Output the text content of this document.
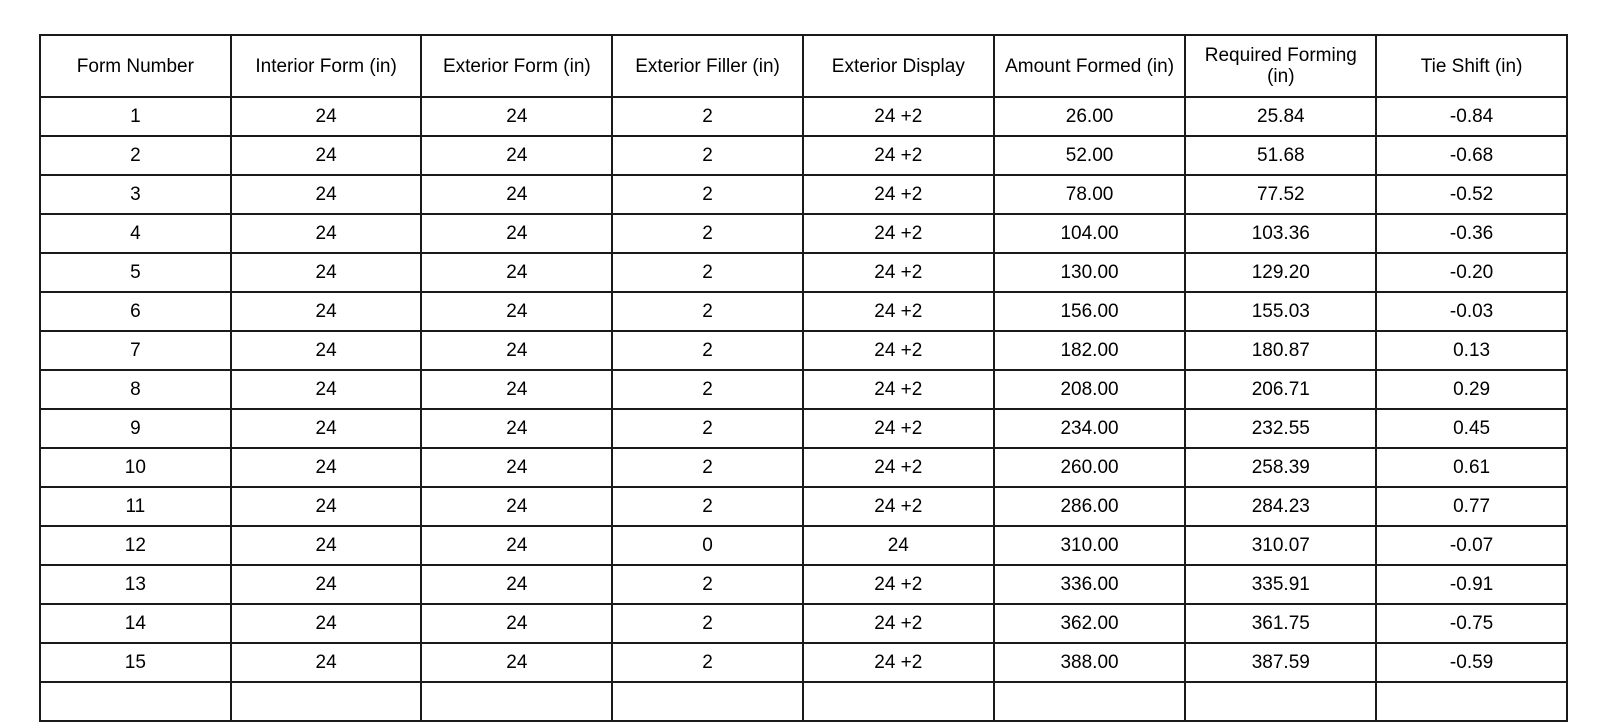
Form Number	Interior Form (in)	Exterior Form (in)	Exterior Filler (in)	Exterior Display	Amount Formed (in)	Required Forming (in)	Tie Shift (in)
1	24	24	2	24 +2	26.00	25.84	-0.84
2	24	24	2	24 +2	52.00	51.68	-0.68
3	24	24	2	24 +2	78.00	77.52	-0.52
4	24	24	2	24 +2	104.00	103.36	-0.36
5	24	24	2	24 +2	130.00	129.20	-0.20
6	24	24	2	24 +2	156.00	155.03	-0.03
7	24	24	2	24 +2	182.00	180.87	0.13
8	24	24	2	24 +2	208.00	206.71	0.29
9	24	24	2	24 +2	234.00	232.55	0.45
10	24	24	2	24 +2	260.00	258.39	0.61
11	24	24	2	24 +2	286.00	284.23	0.77
12	24	24	0	24	310.00	310.07	-0.07
13	24	24	2	24 +2	336.00	335.91	-0.91
14	24	24	2	24 +2	362.00	361.75	-0.75
15	24	24	2	24 +2	388.00	387.59	-0.59
